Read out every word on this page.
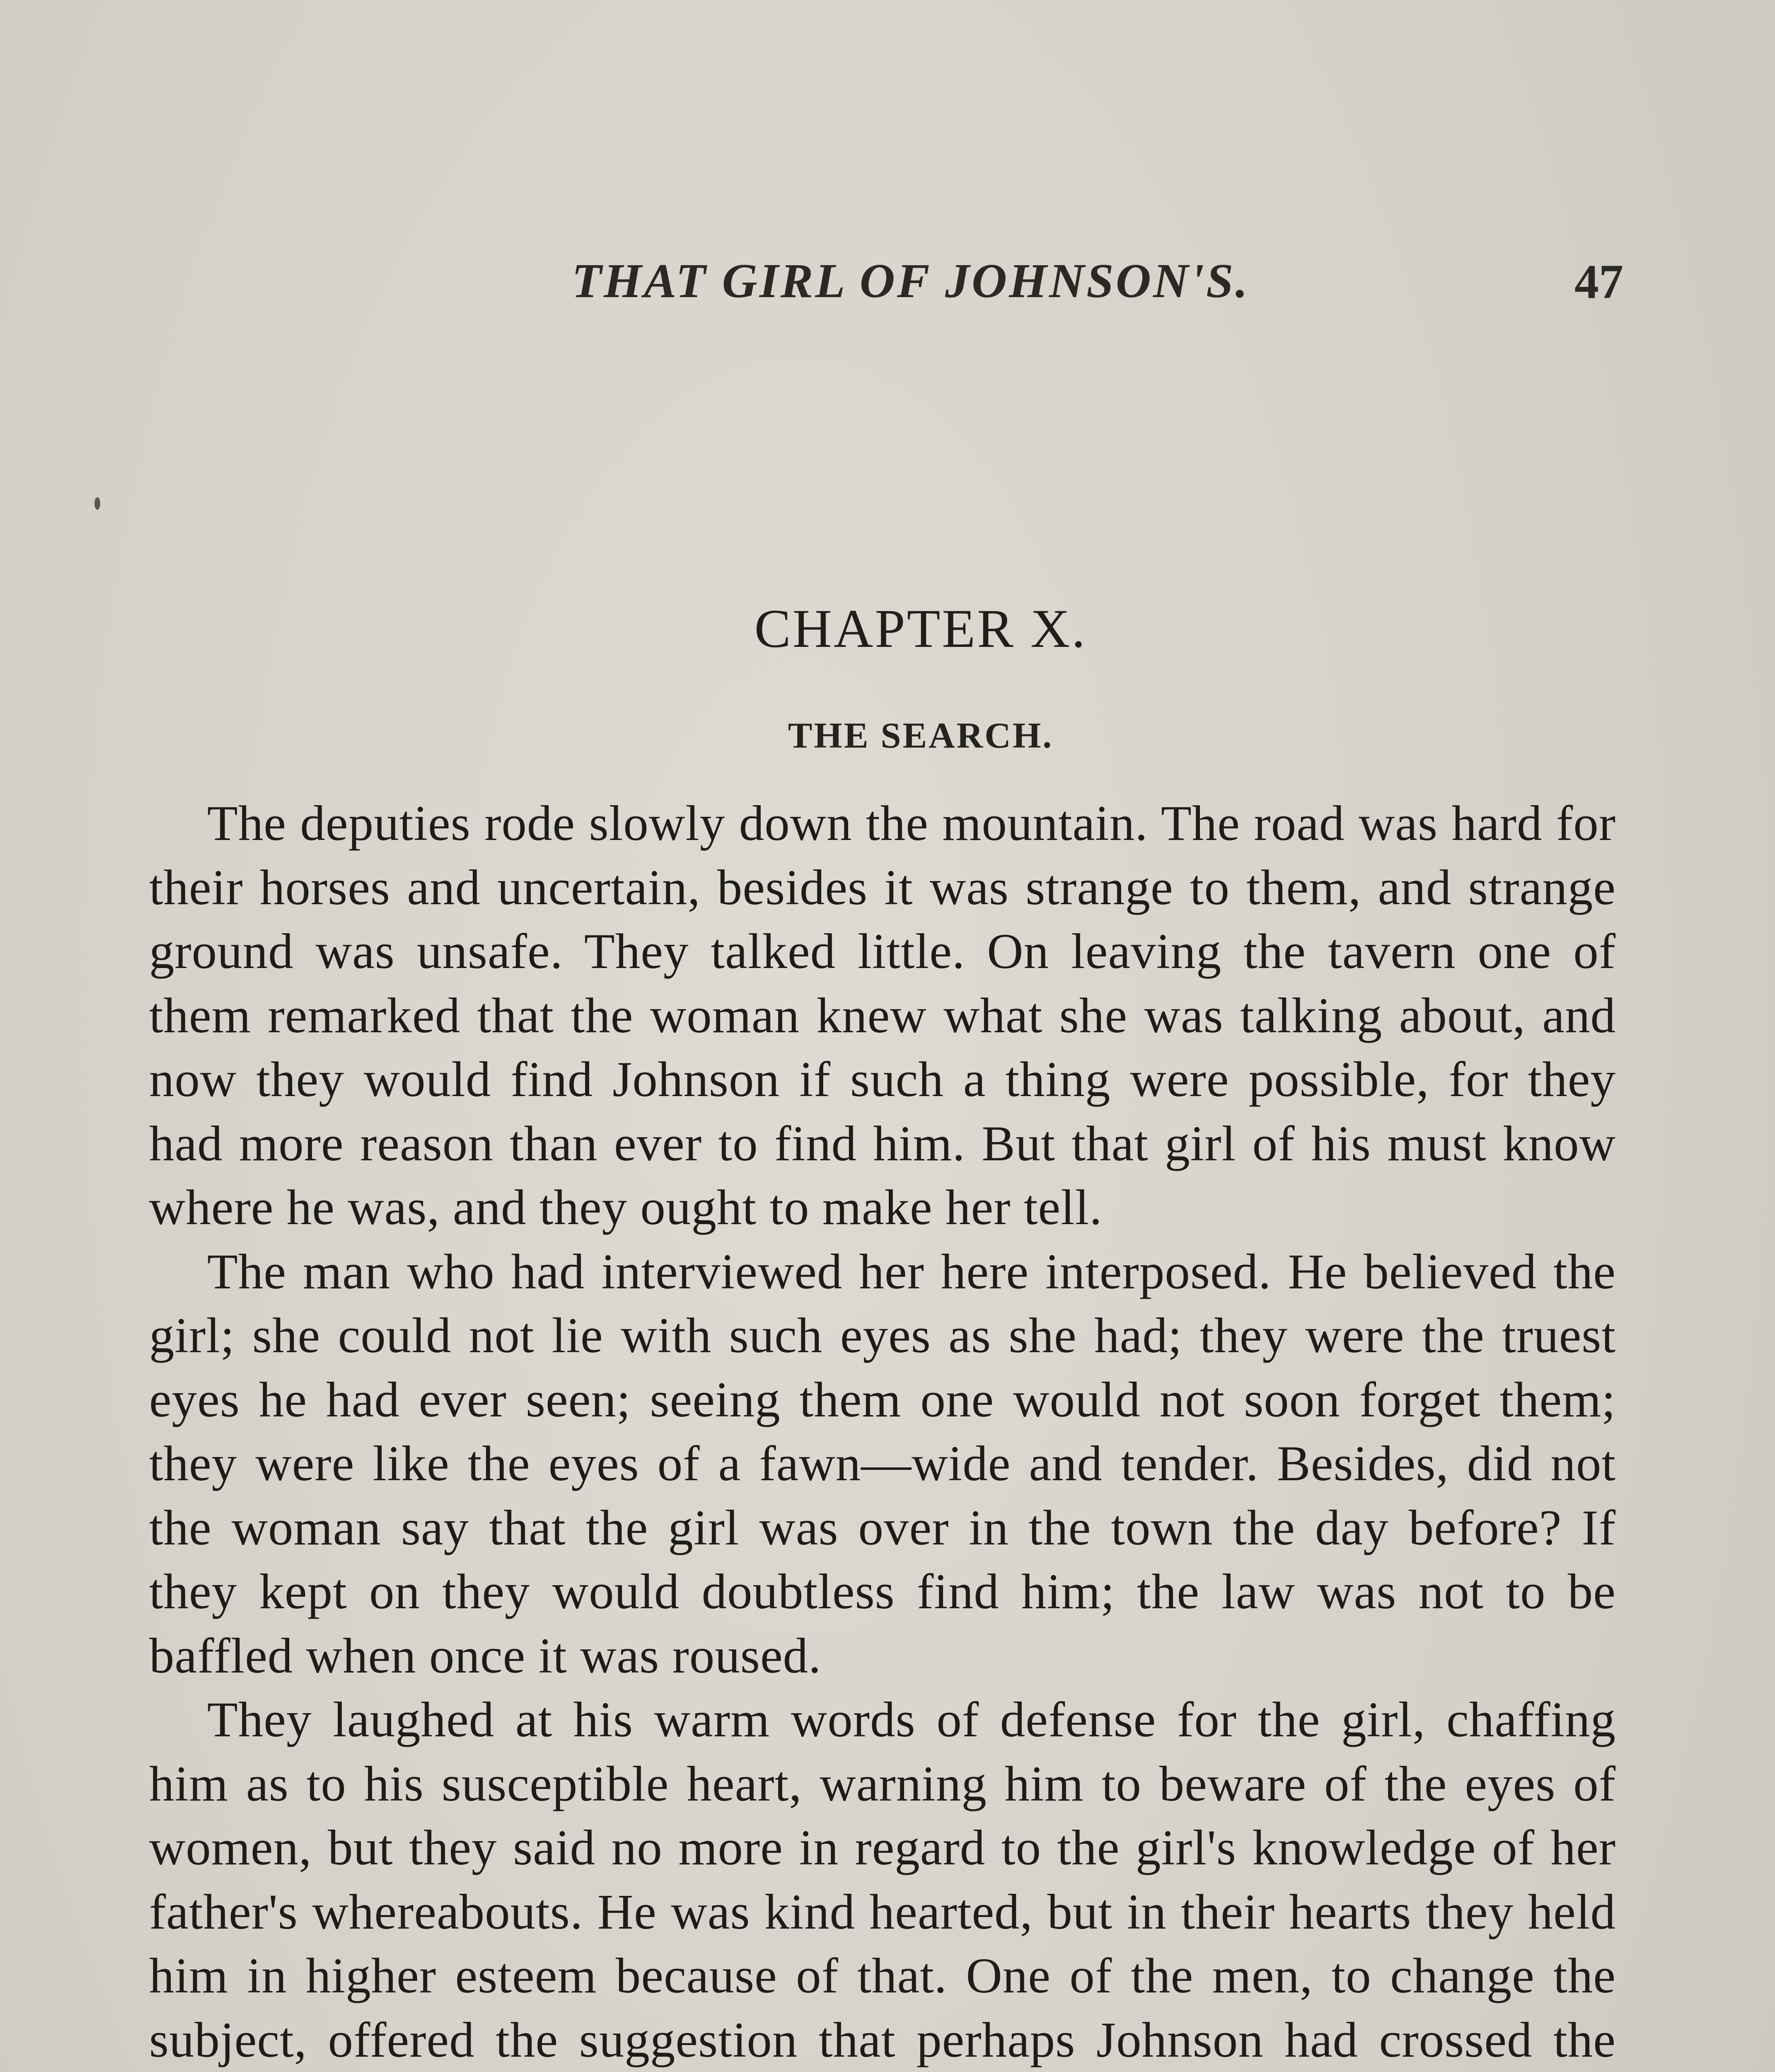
THAT GIRL OF JOHNSON'S.	47
CHAPTER X.
THE SEARCH.

The deputies rode slowly down the mountain. The road was hard for their horses and uncertain, besides it was strange to them, and strange ground was unsafe. They talked little. On leaving the tavern one of them remarked that the woman knew what she was talking about, and now they would find Johnson if such a thing were possible, for they had more reason than ever to find him. But that girl of his must know where he was, and they ought to make her tell.

The man who had interviewed her here interposed. He believed the girl; she could not lie with such eyes as she had; they were the truest eyes he had ever seen; seeing them one would not soon forget them; they were like the eyes of a fawn—wide and tender. Besides, did not the woman say that the girl was over in the town the day before? If they kept on they would doubtless find him; the law was not to be baffled when once it was roused.

They laughed at his warm words of defense for the girl, chaffing him as to his susceptible heart, warning him to beware of the eyes of women, but they said no more in regard to the girl's knowledge of her father's whereabouts. He was kind hearted, but in their hearts they held him in higher esteem because of that. One of the men, to change the subject, offered the suggestion that perhaps Johnson had crossed the
